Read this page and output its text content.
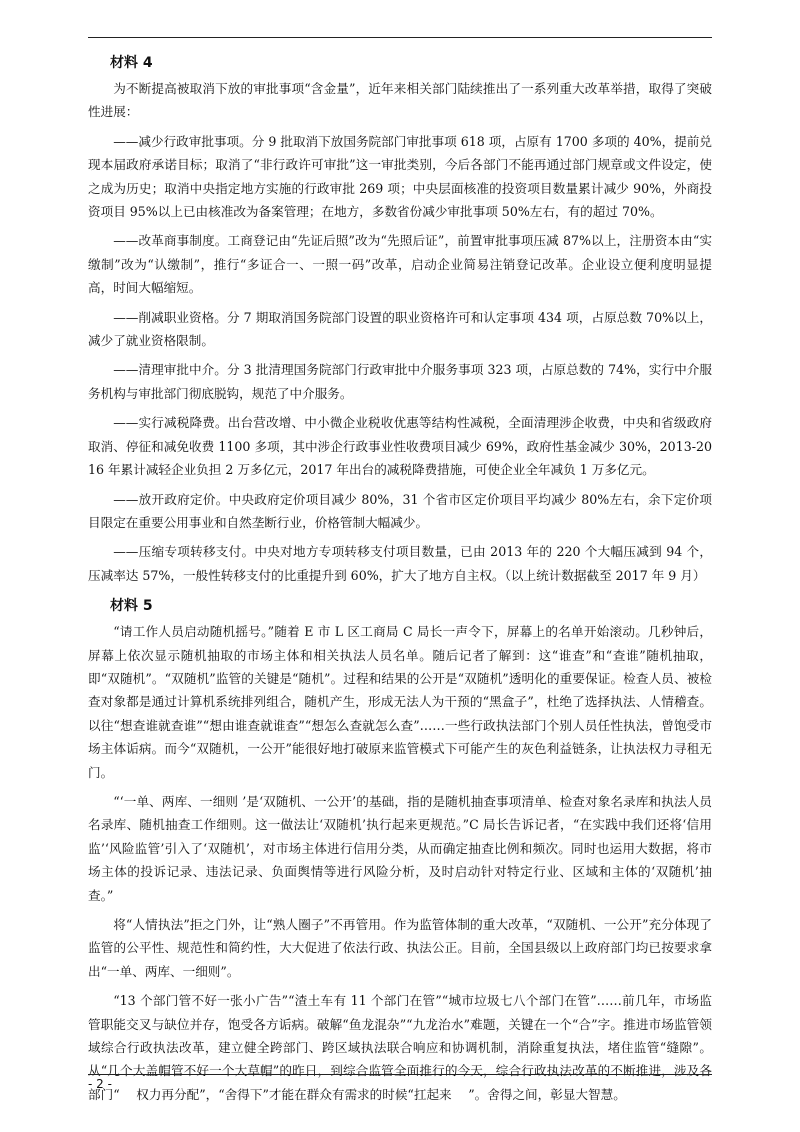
材料 4

为不断提高被取消下放的审批事项“含金量”，近年来相关部门陆续推出了一系列重大改革举措，取得了突破性进展：

——减少行政审批事项。分 9 批取消下放国务院部门审批事项 618 项，占原有 1700 多项的 40%，提前兑现本届政府承诺目标；取消了“非行政许可审批”这一审批类别，今后各部门不能再通过部门规章或文件设定，使之成为历史；取消中央指定地方实施的行政审批 269 项；中央层面核准的投资项目数量累计减少 90%，外商投资项目 95%以上已由核准改为备案管理；在地方，多数省份减少审批事项 50%左右，有的超过 70%。

——改革商事制度。工商登记由“先证后照”改为“先照后证”，前置审批事项压减 87%以上，注册资本由“实缴制”改为“认缴制”，推行“多证合一、一照一码”改革，启动企业简易注销登记改革。企业设立便利度明显提高，时间大幅缩短。

——削减职业资格。分 7 期取消国务院部门设置的职业资格许可和认定事项 434 项，占原总数 70%以上，减少了就业资格限制。

——清理审批中介。分 3 批清理国务院部门行政审批中介服务事项 323 项，占原总数的 74%，实行中介服务机构与审批部门彻底脱钩，规范了中介服务。

——实行减税降费。出台营改增、中小微企业税收优惠等结构性减税，全面清理涉企收费，中央和省级政府取消、停征和减免收费 1100 多项，其中涉企行政事业性收费项目减少 69%，政府性基金减少 30%，2013-2016 年累计减轻企业负担 2 万多亿元，2017 年出台的减税降费措施，可使企业全年减负 1 万多亿元。

——放开政府定价。中央政府定价项目减少 80%，31 个省市区定价项目平均减少 80%左右，余下定价项目限定在重要公用事业和自然垄断行业，价格管制大幅减少。

——压缩专项转移支付。中央对地方专项转移支付项目数量，已由 2013 年的 220 个大幅压减到 94 个，压减率达 57%，一般性转移支付的比重提升到 60%，扩大了地方自主权。（以上统计数据截至 2017 年 9 月）

材料 5

“请工作人员启动随机摇号。”随着 E 市 L 区工商局 C 局长一声令下，屏幕上的名单开始滚动。几秒钟后，屏幕上依次显示随机抽取的市场主体和相关执法人员名单。随后记者了解到：这“谁查”和“查谁”随机抽取，即“双随机”。“双随机”监管的关键是“随机”。过程和结果的公开是“双随机”透明化的重要保证。检查人员、被检查对象都是通过计算机系统排列组合，随机产生，形成无法人为干预的“黑盒子”，杜绝了选择执法、人情稽查。以往“想查谁就查谁”“想由谁查就谁查”“想怎么查就怎么查”……一些行政执法部门个别人员任性执法，曾饱受市场主体诟病。而今“双随机，一公开”能很好地打破原来监管模式下可能产生的灰色利益链条，让执法权力寻租无门。

“‘一单、两库、一细则 ’是‘双随机、一公开’的基础，指的是随机抽查事项清单、检查对象名录库和执法人员名录库、随机抽查工作细则。这一做法让‘双随机’执行起来更规范。”C 局长告诉记者，“在实践中我们还将‘信用监’‘风险监管’引入了‘双随机’，对市场主体进行信用分类，从而确定抽查比例和频次。同时也运用大数据，将市场主体的投诉记录、违法记录、负面舆情等进行风险分析，及时启动针对特定行业、区域和主体的‘双随机’抽查。”

将“人情执法”拒之门外，让“熟人圈子”不再管用。作为监管体制的重大改革，“双随机、一公开”充分体现了监管的公平性、规范性和简约性，大大促进了依法行政、执法公正。目前，全国县级以上政府部门均已按要求拿出“一单、两库、一细则”。

“13 个部门管不好一张小广告”“渣土车有 11 个部门在管”“城市垃圾七八个部门在管”……前几年，市场监管职能交叉与缺位并存，饱受各方诟病。破解“鱼龙混杂”“九龙治水”难题，关键在一个“合”字。推进市场监管领域综合行政执法改革，建立健全跨部门、跨区域执法联合响应和协调机制，消除重复执法，堵住监管“缝隙”。从“几个大盖帽管不好一个大草帽”的昨日，到综合监管全面推行的今天，综合行政执法改革的不断推进，涉及各部门“　 权力再分配”，“舍得下”才能在群众有需求的时候“扛起来　 ”。舍得之间，彰显大智慧。

- 2 -
